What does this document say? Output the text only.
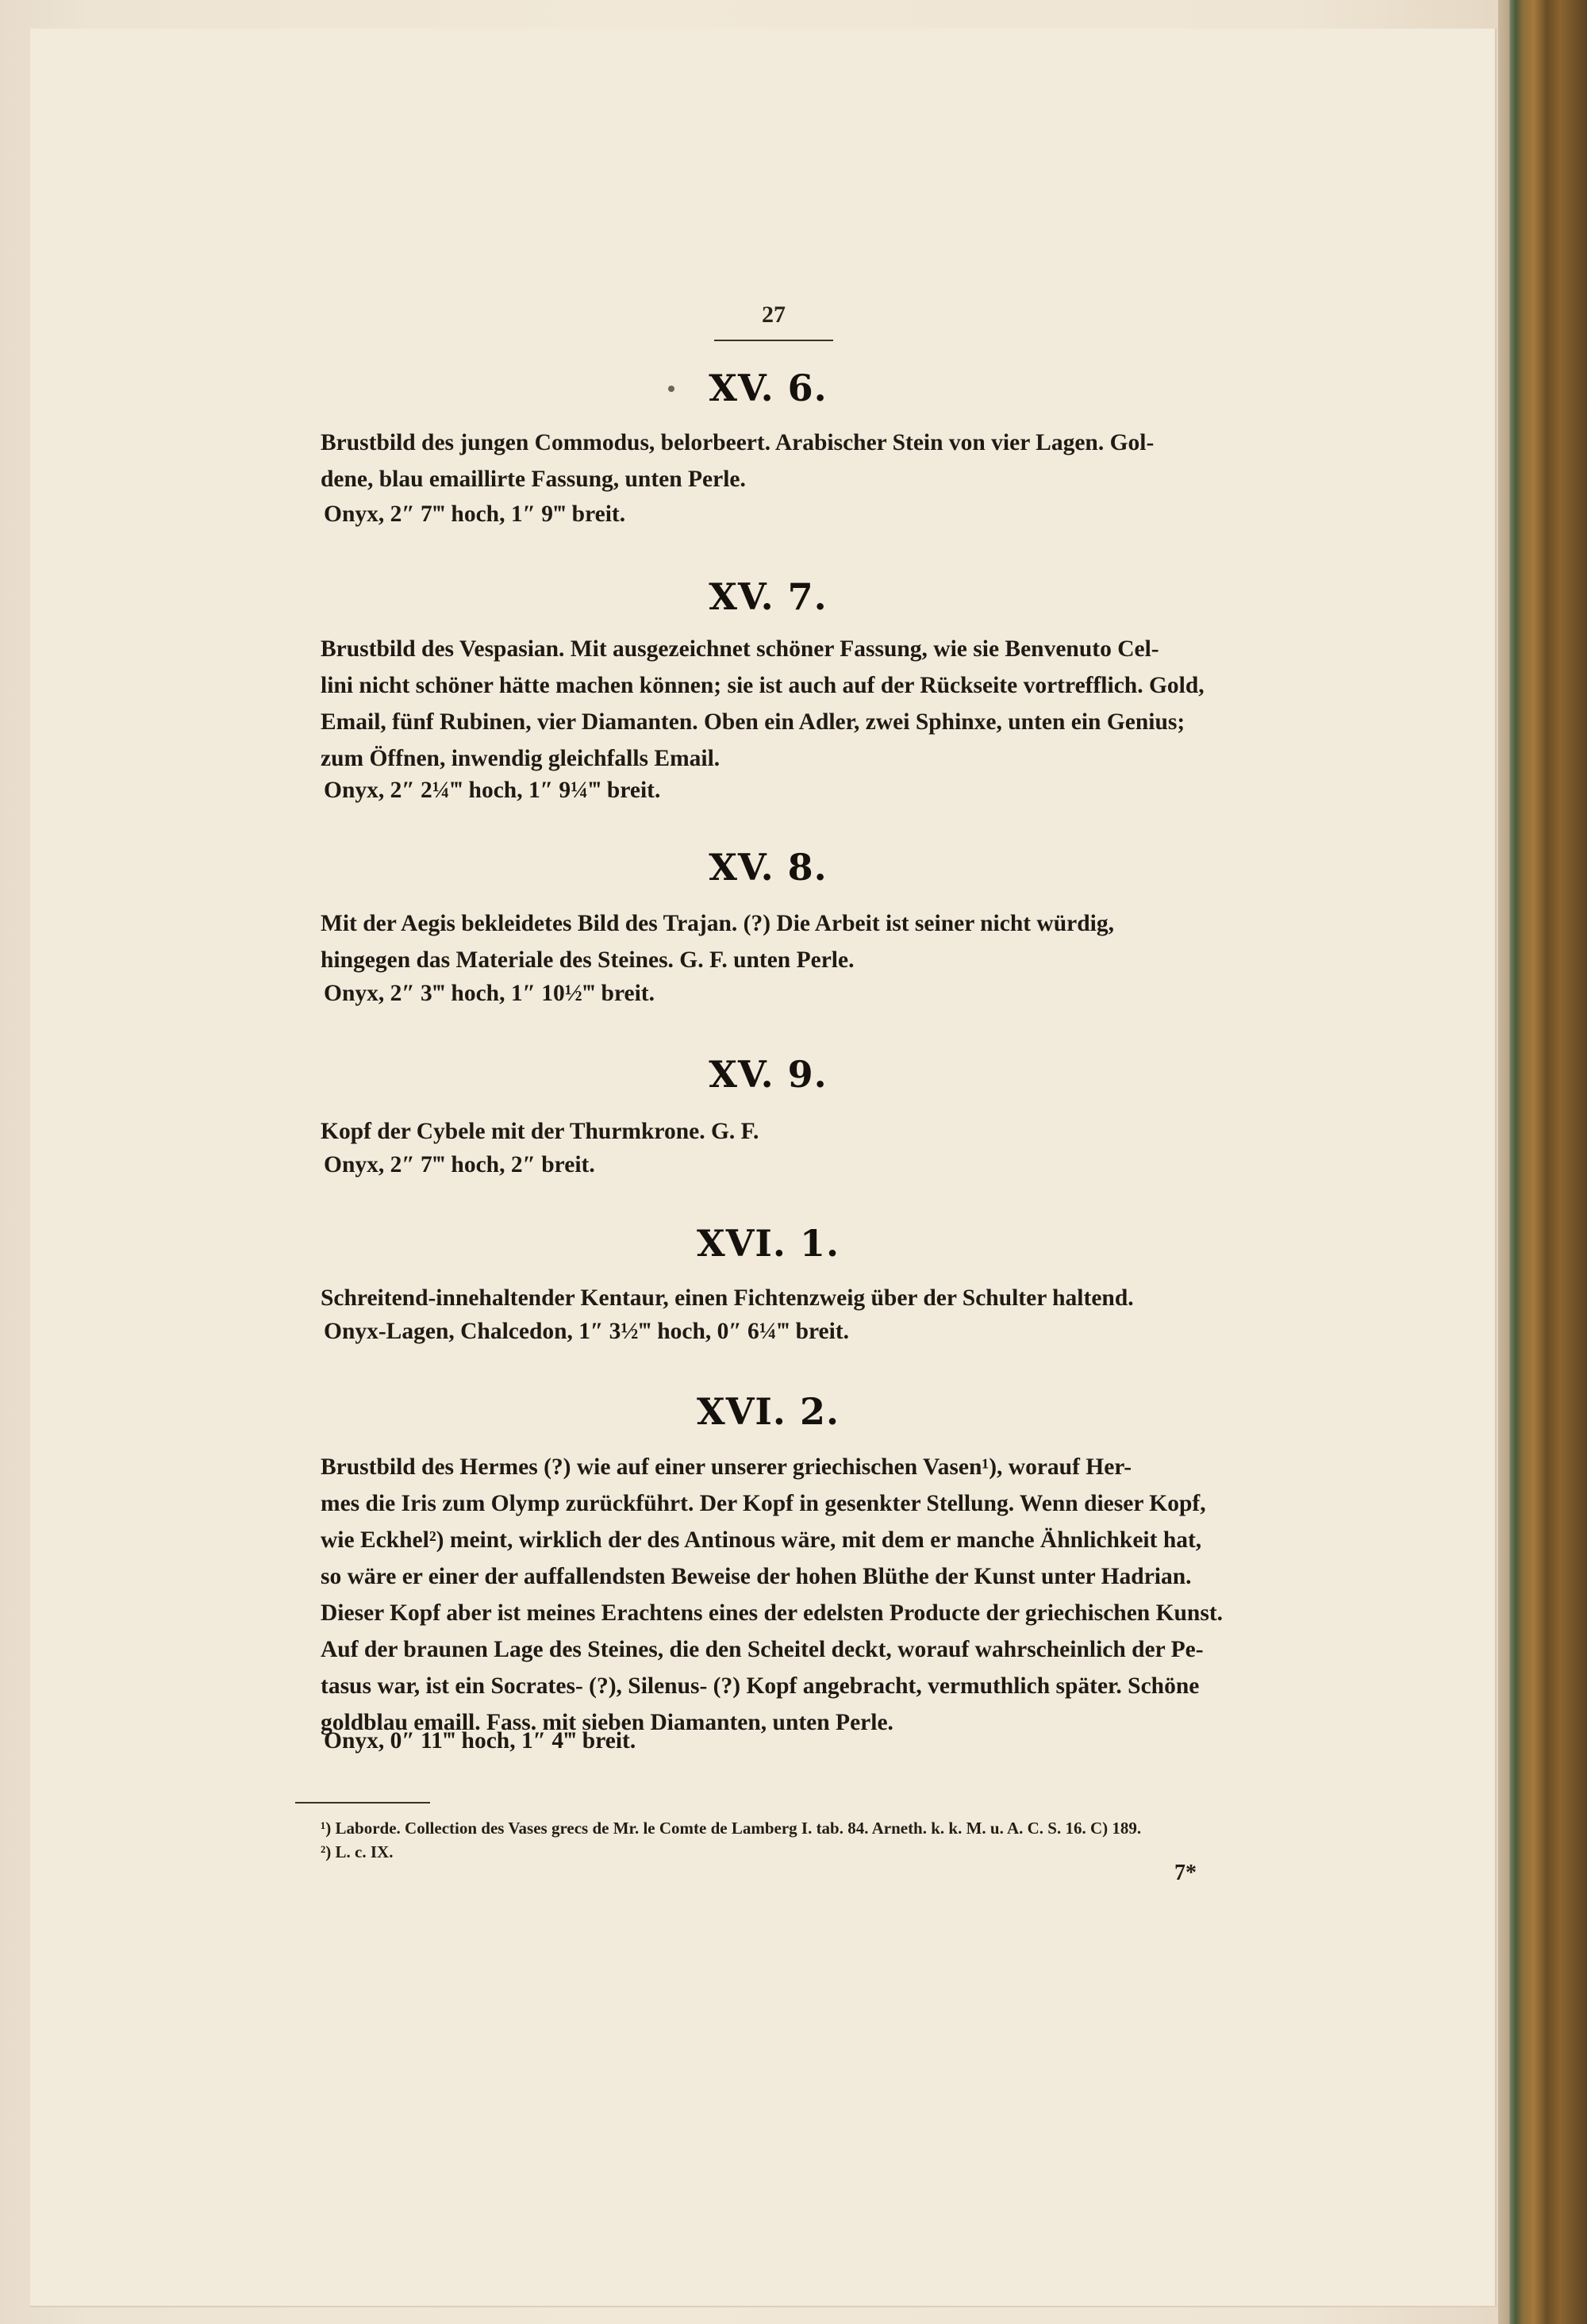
27
XV. 6.
Brustbild des jungen Commodus, belorbeert. Arabischer Stein von vier Lagen. Gol-
dene, blau emaillirte Fassung, unten Perle.
Onyx, 2″ 7‴ hoch, 1″ 9‴ breit.
XV. 7.
Brustbild des Vespasian. Mit ausgezeichnet schöner Fassung, wie sie Benvenuto Cel-
lini nicht schöner hätte machen können; sie ist auch auf der Rückseite vortrefflich. Gold,
Email, fünf Rubinen, vier Diamanten. Oben ein Adler, zwei Sphinxe, unten ein Genius;
zum Öffnen, inwendig gleichfalls Email.
Onyx, 2″ 2¼‴ hoch, 1″ 9¼‴ breit.
XV. 8.
Mit der Aegis bekleidetes Bild des Trajan. (?) Die Arbeit ist seiner nicht würdig,
hingegen das Materiale des Steines. G. F. unten Perle.
Onyx, 2″ 3‴ hoch, 1″ 10½‴ breit.
XV. 9.
Kopf der Cybele mit der Thurmkrone. G. F.
Onyx, 2″ 7‴ hoch, 2″ breit.
XVI. 1.
Schreitend-innehaltender Kentaur, einen Fichtenzweig über der Schulter haltend.
Onyx-Lagen, Chalcedon, 1″ 3½‴ hoch, 0″ 6¼‴ breit.
XVI. 2.
Brustbild des Hermes (?) wie auf einer unserer griechischen Vasen¹), worauf Her-
mes die Iris zum Olymp zurückführt. Der Kopf in gesenkter Stellung. Wenn dieser Kopf,
wie Eckhel²) meint, wirklich der des Antinous wäre, mit dem er manche Ähnlichkeit hat,
so wäre er einer der auffallendsten Beweise der hohen Blüthe der Kunst unter Hadrian.
Dieser Kopf aber ist meines Erachtens eines der edelsten Producte der griechischen Kunst.
Auf der braunen Lage des Steines, die den Scheitel deckt, worauf wahrscheinlich der Pe-
tasus war, ist ein Socrates- (?), Silenus- (?) Kopf angebracht, vermuthlich später. Schöne
goldblau emaill. Fass. mit sieben Diamanten, unten Perle.
Onyx, 0″ 11‴ hoch, 1″ 4‴ breit.
¹) Laborde. Collection des Vases grecs de Mr. le Comte de Lamberg I. tab. 84. Arneth. k. k. M. u. A. C. S. 16. C) 189.
²) L. c. IX.
7*
